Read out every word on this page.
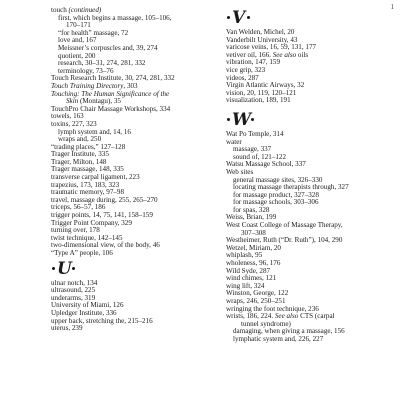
1
touch (continued)
first, which begins a massage, 105–106,
170–171
“for health” massage, 72
love and, 167
Meissner’s corpuscles and, 39, 274
quotient, 200
research, 30–31, 274, 281, 332
terminology, 73–76
Touch Research Institute, 30, 274, 281, 332
Touch Training Directory, 303
Touching: The Human Significance of the
Skin (Montagu), 35
TouchPro Chair Massage Workshops, 334
towels, 163
toxins, 227, 323
lymph system and, 14, 16
wraps and, 250
“trading places,” 127–128
Trager Institute, 335
Trager, Milton, 148
Trager massage, 148, 335
transverse carpal ligament, 223
trapezius, 173, 183, 323
traumatic memory, 97–98
travel, massage during, 255, 265–270
triceps, 56–57, 186
trigger points, 14, 75, 141, 158–159
Trigger Point Company, 329
turning over, 178
twist technique, 142–145
two-dimensional view, of the body, 46
“Type A” people, 106
U
ulnar notch, 134
ultrasound, 225
underarms, 319
University of Miami, 126
Upledger Institute, 336
upper back, stretching the, 215–216
uterus, 239
V
Van Welden, Michel, 20
Vanderbilt University, 43
varicose veins, 16, 59, 131, 177
vetiver oil, 166. See also oils
vibration, 147, 159
vice grip, 323
videos, 287
Virgin Atlantic Airways, 32
vision, 20, 119, 120–121
visualization, 189, 191
W
Wat Po Temple, 314
water
massage, 337
sound of, 121–122
Watsu Massage School, 337
Web sites
general massage sites, 326–330
locating massage therapists through, 327
for massage product, 327–328
for massage schools, 303–306
for spas, 328
Weiss, Brian, 199
West Coast College of Massage Therapy,
307–308
Westheimer, Ruth (“Dr. Ruth”), 104, 290
Wetzel, Miriam, 20
whiplash, 95
wholeness, 96, 176
Wild Syde, 287
wind chimes, 121
wing lift, 324
Winston, George, 122
wraps, 246, 250–251
wringing the foot technique, 236
wrists, 186, 224. See also CTS (carpal
tunnel syndrome)
damaging, when giving a massage, 156
lymphatic system and, 226, 227
